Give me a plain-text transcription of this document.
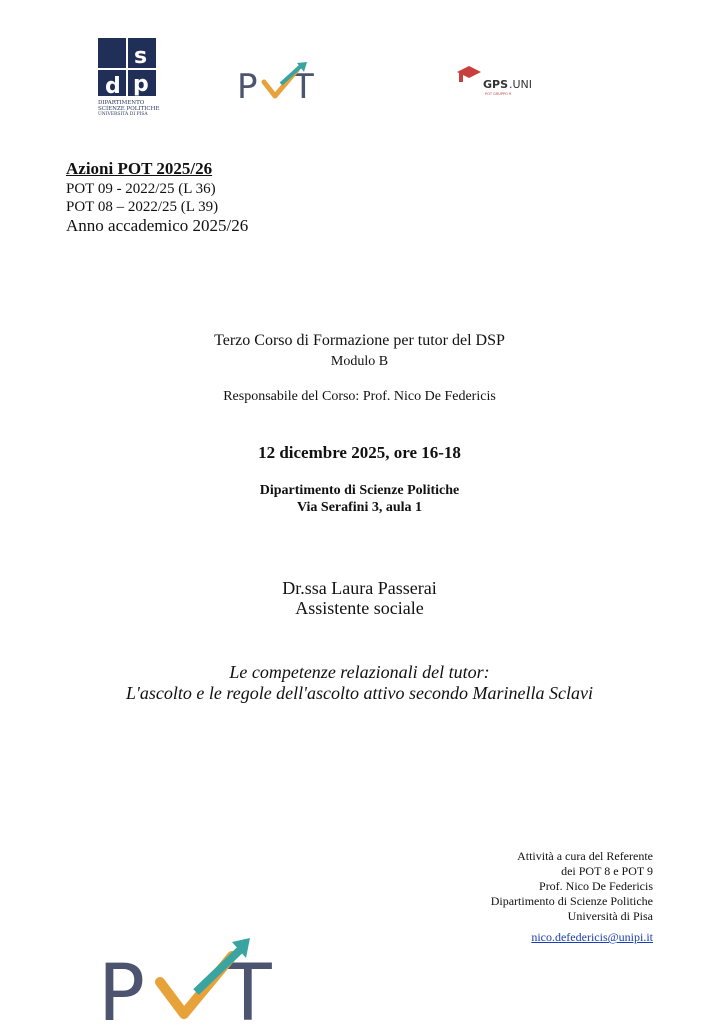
d
s
p
DIPARTIMENTO
SCIENZE POLITICHE
UNIVERSITÀ DI PISA
P T	GPS .UNI
POT GRUPPO 9
Azioni POT 2025/26
POT 09 - 2022/25 (L 36)
POT 08 – 2022/25 (L 39)
Anno accademico 2025/26
Terzo Corso di Formazione per tutor del DSP
Modulo B
Responsabile del Corso: Prof. Nico De Federicis
12 dicembre 2025, ore 16-18
Dipartimento di Scienze Politiche
Via Serafini 3, aula 1
Dr.ssa Laura Passerai
Assistente sociale
Le competenze relazionali del tutor:
L'ascolto e le regole dell'ascolto attivo secondo Marinella Sclavi
Attività a cura del Referente
dei POT 8 e POT 9
Prof. Nico De Federicis
Dipartimento di Scienze Politiche
Università di Pisa
nico.defedericis@unipi.it
P T
